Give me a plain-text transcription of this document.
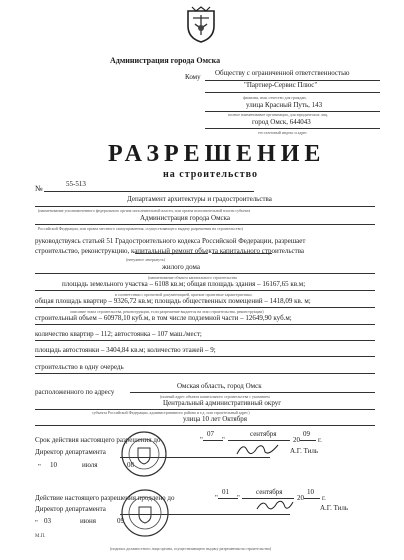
Администрация города Омска
Кому Обществу с ограниченной ответственностью
"Партнер-Сервис Плюс"
фамилия, имя, отчество для граждан,
улица Красный Путь, 143
полное наименование организации, для юридических лиц,
город Омск, 644043
его почтовый индекс и адрес
РАЗРЕШЕНИЕ
на строительство
№	55-513
Департамент архитектуры и градостроительства
(наименование уполномоченного федерального органа исполнительной власти, или органа исполнительной власти субъекта
Администрация города Омска
Российской Федерации, или органа местного самоуправления, осуществляющего выдачу разрешения на строительство)
руководствуясь статьей 51 Градостроительного кодекса Российской Федерации, разрешает
строительство, реконструкцию, капитальный ремонт объекта капитального строительства
(ненужное зачеркнуть)
жилого дома
(наименование объекта капитального строительства
площадь земельного участка – 6108 кв.м; общая площадь здания – 16167,65 кв.м;
в соответствии с проектной документацией, краткие проектные характеристики,
общая площадь квартир – 9326,72 кв.м; площадь общественных помещений – 1418,09 кв. м;
описание этапа строительства, реконструкции, если разрешение выдается на этап строительства, реконструкции)
строительный объем – 60978,10 куб.м, в том числе подземной части – 12649,90 куб.м;
количество квартир – 112; автостоянка – 107 маш./мест;
площадь автостоянки – 3404,84 кв.м; количество этажей – 9;
строительство в одну очередь
расположенного по адресу
Омская область, город Омск
(полный адрес объекта капитального строительства с указанием
Центральный административный округ
субъекта Российской Федерации, административного района и т.д. или строительный адрес)
улица 10 лет Октября
Срок действия настоящего разрешения до	"
07
"
сентября
20
09
г.
Директор департамента	А.Г. Тиль
" 10	июля	08
Действие настоящего разрешения продлено до	"
01
"
сентября
20
10
г.
Директор департамента	А.Г. Тиль
" 03	июня	09
М.П.
(подпись должностного лица органа, осуществляющего выдачу разрешения на строительство)
